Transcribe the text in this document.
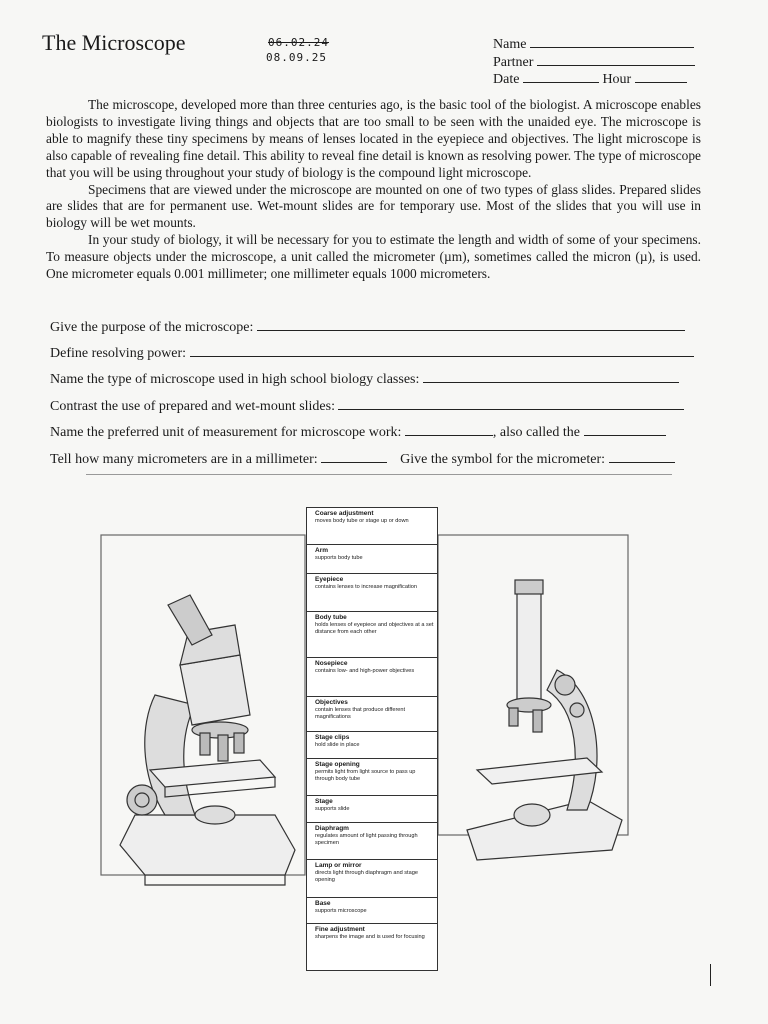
The Microscope	06.02.24
08.09.25
Name
Partner
Date	Hour

The microscope, developed more than three centuries ago, is the basic tool of the biologist. A microscope enables biologists to investigate living things and objects that are too small to be seen with the unaided eye. The microscope is able to magnify these tiny specimens by means of lenses located in the eyepiece and objectives. The light microscope is also capable of revealing fine detail. This ability to reveal fine detail is known as resolving power. The type of microscope that you will be using throughout your study of biology is the compound light microscope.

Specimens that are viewed under the microscope are mounted on one of two types of glass slides. Prepared slides are slides that are for permanent use. Wet-mount slides are for temporary use. Most of the slides that you will use in biology will be wet mounts.

In your study of biology, it will be necessary for you to estimate the length and width of some of your specimens. To measure objects under the microscope, a unit called the micrometer (µm), sometimes called the micron (µ), is used. One micrometer equals 0.001 millimeter; one millimeter equals 1000 micrometers.

Give the purpose of the microscope:
Define resolving power:
Name the type of microscope used in high school biology classes:
Contrast the use of prepared and wet-mount slides:
Name the preferred unit of measurement for microscope work:	, also called the
Tell how many micrometers are in a millimeter:	Give the symbol for the micrometer:
Coarse adjustment
moves body tube or stage up or down
Arm
supports body tube
Eyepiece
contains lenses to increase magnification
Body tube
holds lenses of eyepiece and objectives at a set distance from each other
Nosepiece
contains low- and high-power objectives
Objectives
contain lenses that produce different magnifications
Stage clips
hold slide in place
Stage opening
permits light from light source to pass up through body tube
Stage
supports slide
Diaphragm
regulates amount of light passing through specimen
Lamp or mirror
directs light through diaphragm and stage opening
Base
supports microscope
Fine adjustment
sharpens the image and is used for focusing
